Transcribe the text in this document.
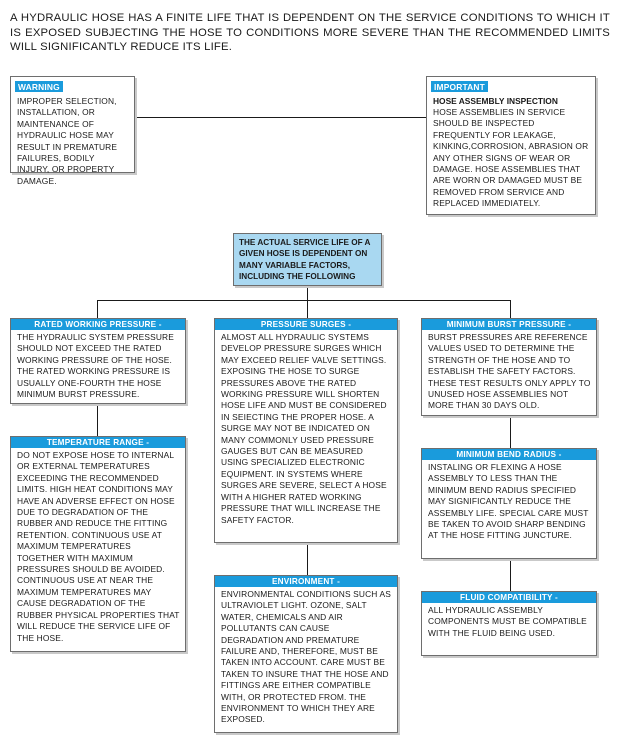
A HYDRAULIC HOSE HAS A FINITE LIFE THAT IS DEPENDENT ON THE SERVICE CONDITIONS TO WHICH IT IS EXPOSED SUBJECTING THE HOSE TO CONDITIONS MORE SEVERE THAN THE RECOMMENDED LIMITS WILL SIGNIFICANTLY REDUCE ITS LIFE.
WARNING
IMPROPER SELECTION, INSTALLATION, OR MAINTENANCE OF HYDRAULIC HOSE MAY RESULT IN PREMATURE FAILURES, BODILY INJURY, OR PROPERTY DAMAGE.
IMPORTANT
HOSE ASSEMBLY INSPECTION
HOSE ASSEMBLIES IN SERVICE SHOULD BE INSPECTED FREQUENTLY FOR LEAKAGE, KINKING,CORROSION, ABRASION OR ANY OTHER SIGNS OF WEAR OR DAMAGE. HOSE ASSEMBLIES THAT ARE WORN OR DAMAGED MUST BE REMOVED FROM SERVICE AND REPLACED IMMEDIATELY.
THE ACTUAL SERVICE LIFE OF A GIVEN HOSE IS DEPENDENT ON MANY VARIABLE FACTORS, INCLUDING THE FOLLOWING
RATED WORKING PRESSURE -
THE HYDRAULIC SYSTEM PRESSURE SHOULD NOT EXCEED THE RATED WORKING PRESSURE OF THE HOSE. THE RATED WORKING PRESSURE IS USUALLY ONE-FOURTH THE HOSE MINIMUM BURST PRESSURE.
TEMPERATURE RANGE -
DO NOT EXPOSE HOSE TO INTERNAL OR EXTERNAL TEMPERATURES EXCEEDING THE RECOMMENDED LIMITS. HIGH HEAT CONDITIONS MAY HAVE AN ADVERSE EFFECT ON HOSE DUE TO DEGRADATION OF THE RUBBER AND REDUCE THE FITTING RETENTION. CONTINUOUS USE AT MAXIMUM TEMPERATURES TOGETHER WITH MAXIMUM PRESSURES SHOULD BE AVOIDED. CONTINUOUS USE AT NEAR THE MAXIMUM TEMPERATURES MAY CAUSE DEGRADATION OF THE RUBBER PHYSICAL PROPERTIES THAT WILL REDUCE THE SERVICE LIFE OF THE HOSE.
PRESSURE SURGES -
ALMOST ALL HYDRAULIC SYSTEMS DEVELOP PRESSURE SURGES WHICH MAY EXCEED RELIEF VALVE SETTINGS. EXPOSING THE HOSE TO SURGE PRESSURES ABOVE THE RATED WORKING PRESSURE WILL SHORTEN HOSE LIFE AND MUST BE CONSIDERED IN SEIECTING THE PROPER HOSE. A SURGE MAY NOT BE INDICATED ON MANY COMMONLY USED PRESSURE GAUGES BUT CAN BE MEASURED USING SPECIALIZED ELECTRONIC EQUIPMENT. IN SYSTEMS WHERE SURGES ARE SEVERE, SELECT A HOSE WITH A HIGHER RATED WORKING PRESSURE THAT WILL INCREASE THE SAFETY FACTOR.
ENVIRONMENT -
ENVIRONMENTAL CONDITIONS SUCH AS ULTRAVIOLET LIGHT. OZONE, SALT WATER, CHEMICALS AND AIR POLLUTANTS CAN CAUSE DEGRADATION AND PREMATURE FAILURE AND, THEREFORE, MUST BE TAKEN INTO ACCOUNT. CARE MUST BE TAKEN TO INSURE THAT THE HOSE AND FITTINGS ARE EITHER COMPATIBLE WITH, OR PROTECTED FROM. THE ENVIRONMENT TO WHICH THEY ARE EXPOSED.
MINIMUM BURST PRESSURE -
BURST PRESSURES ARE REFERENCE VALUES USED TO DETERMINE THE STRENGTH OF THE HOSE AND TO ESTABLISH THE SAFETY FACTORS. THESE TEST RESULTS ONLY APPLY TO UNUSED HOSE ASSEMBLIES NOT MORE THAN 30 DAYS OLD.
MINIMUM BEND RADIUS -
INSTALING OR FLEXING A HOSE ASSEMBLY TO LESS THAN THE MINIMUM BEND RADIUS SPECIFIED MAY SIGNIFICANTLY REDUCE THE ASSEMBLY LIFE. SPECIAL CARE MUST BE TAKEN TO AVOID SHARP BENDING AT THE HOSE FITTING JUNCTURE.
FLUID COMPATIBILITY -
ALL HYDRAULIC ASSEMBLY COMPONENTS MUST BE COMPATIBLE WITH THE FLUID BEING USED.
